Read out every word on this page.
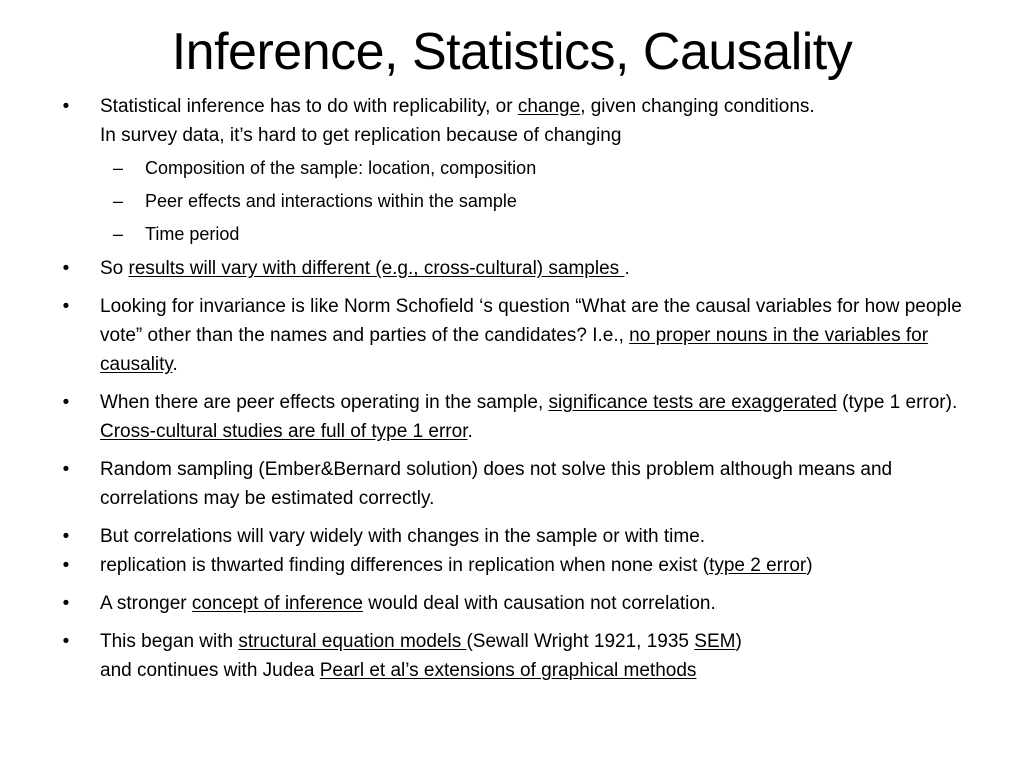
Inference, Statistics, Causality
• Statistical inference has to do with replicability, or change, given changing conditions.
In survey data, it’s hard to get replication because of changing
– Composition of the sample: location, composition
– Peer effects and interactions within the sample
– Time period
• So results will vary with different (e.g., cross-cultural) samples .
• Looking for invariance is like Norm Schofield ‘s question “What are the causal variables for how people vote” other than the names and parties of the candidates? I.e., no proper nouns in the variables for causality.
• When there are peer effects operating in the sample, significance tests are exaggerated (type 1 error). Cross-cultural studies are full of type 1 error.
• Random sampling (Ember&Bernard solution) does not solve this problem although means and correlations may be estimated correctly.
• But correlations will vary widely with changes in the sample or with time.
• replication is thwarted finding differences in replication when none exist (type 2 error)
• A stronger concept of inference would deal with causation not correlation.
• This began with structural equation models (Sewall Wright 1921, 1935 SEM)
and continues with Judea Pearl et al’s extensions of graphical methods
